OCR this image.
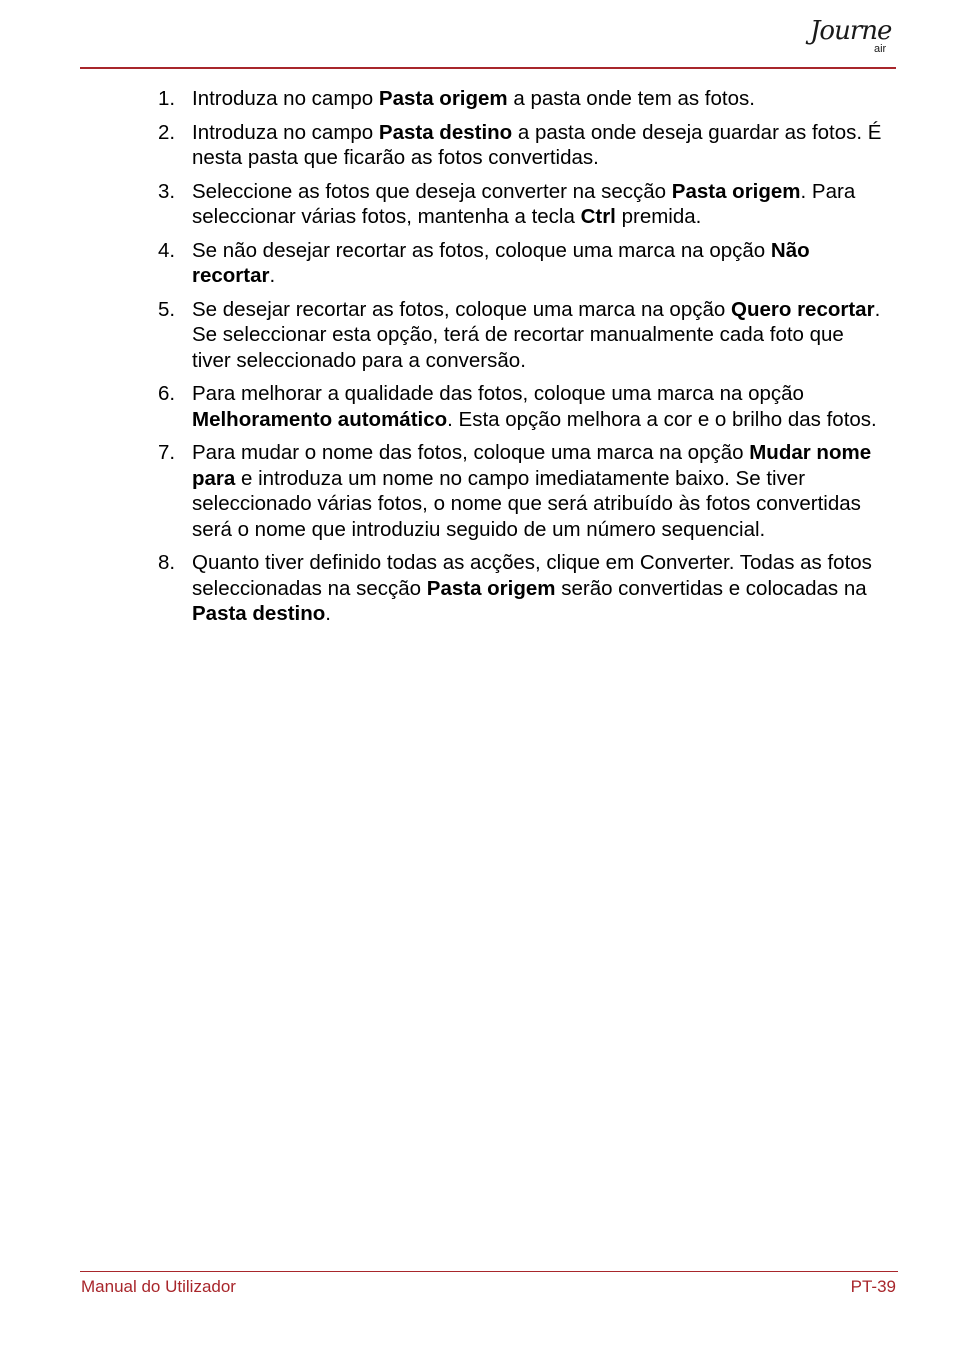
Journe
air
1. Introduza no campo Pasta origem a pasta onde tem as fotos.
2. Introduza no campo Pasta destino a pasta onde deseja guardar as fotos. É nesta pasta que ficarão as fotos convertidas.
3. Seleccione as fotos que deseja converter na secção Pasta origem. Para seleccionar várias fotos, mantenha a tecla Ctrl premida.
4. Se não desejar recortar as fotos, coloque uma marca na opção Não recortar.
5. Se desejar recortar as fotos, coloque uma marca na opção Quero recortar. Se seleccionar esta opção, terá de recortar manualmente cada foto que tiver seleccionado para a conversão.
6. Para melhorar a qualidade das fotos, coloque uma marca na opção Melhoramento automático. Esta opção melhora a cor e o brilho das fotos.
7. Para mudar o nome das fotos, coloque uma marca na opção Mudar nome para e introduza um nome no campo imediatamente baixo. Se tiver seleccionado várias fotos, o nome que será atribuído às fotos convertidas será o nome que introduziu seguido de um número sequencial.
8. Quanto tiver definido todas as acções, clique em Converter. Todas as fotos seleccionadas na secção Pasta origem serão convertidas e colocadas na Pasta destino.
Manual do Utilizador	PT-39
